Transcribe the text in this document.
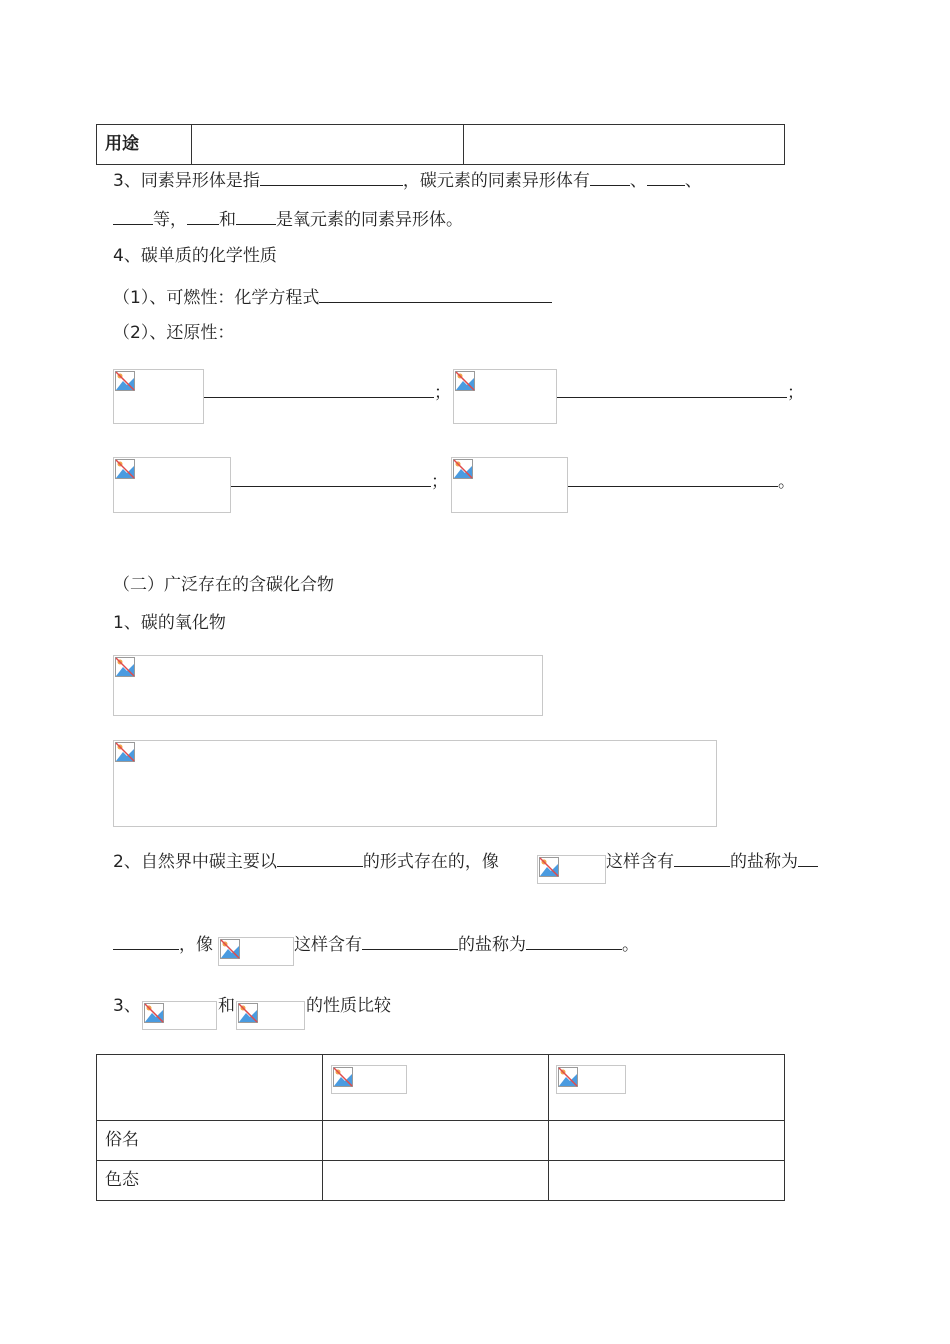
用途		
3、同素异形体是指	，碳元素的同素异形体有 、 、
等， 和 是氧元素的同素异形体。
4、碳单质的化学性质
（1）、可燃性：化学方程式
（2）、还原性：
；	；
；	。
（二）广泛存在的含碳化合物
1、碳的氧化物
2、自然界中碳主要以	的形式存在的，像	这样含有	的盐称为
，像	这样含有	的盐称为	。
3、	和	的性质比较

俗名		
色态		
